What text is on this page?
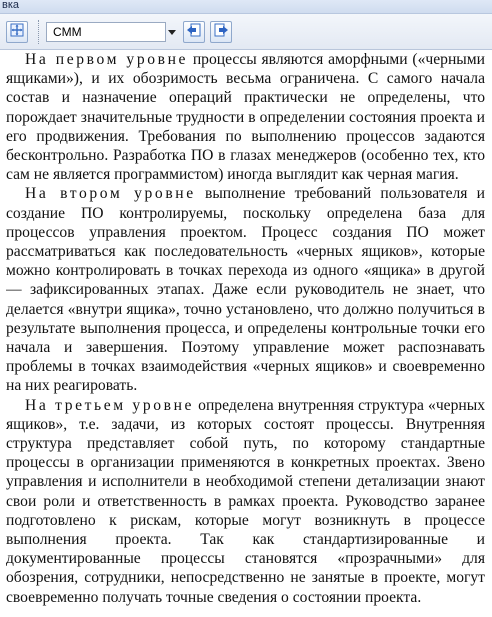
вка
CMM

На первом уровне процессы являются аморфными («черными ящиками»), и их обозримость весьма ограничена. С самого начала состав и назначение операций практически не определены, что порождает значительные трудности в определении состояния проекта и его продвижения. Требования по выполнению процессов задаются бесконтрольно. Разработка ПО в глазах менеджеров (особенно тех, кто сам не является программистом) иногда выглядит как черная магия.

На втором уровне выполнение требований пользователя и создание ПО контролируемы, поскольку определена база для процессов управления проектом. Процесс создания ПО может рассматриваться как последовательность «черных ящиков», которые можно контролировать в точках перехода из одного «ящика» в другой — зафиксированных этапах. Даже если руководитель не знает, что делается «внутри ящика», точно установлено, что должно получиться в результате выполнения процесса, и определены контрольные точки его начала и завершения. Поэтому управление может распознавать проблемы в точках взаимодействия «черных ящиков» и своевременно на них реагировать.

На третьем уровне определена внутренняя структура «черных ящиков», т.е. задачи, из которых состоят процессы. Внутренняя структура представляет собой путь, по которому стандартные процессы в организации применяются в конкретных проектах. Звено управления и исполнители в необходимой степени детализации знают свои роли и ответственность в рамках проекта. Руководство заранее подготовлено к рискам, которые могут возникнуть в процессе выполнения проекта. Так как стандартизированные и документированные процессы становятся «прозрачными» для обозрения, сотрудники, непосредственно не занятые в проекте, могут своевременно получать точные сведения о состоянии проекта.
